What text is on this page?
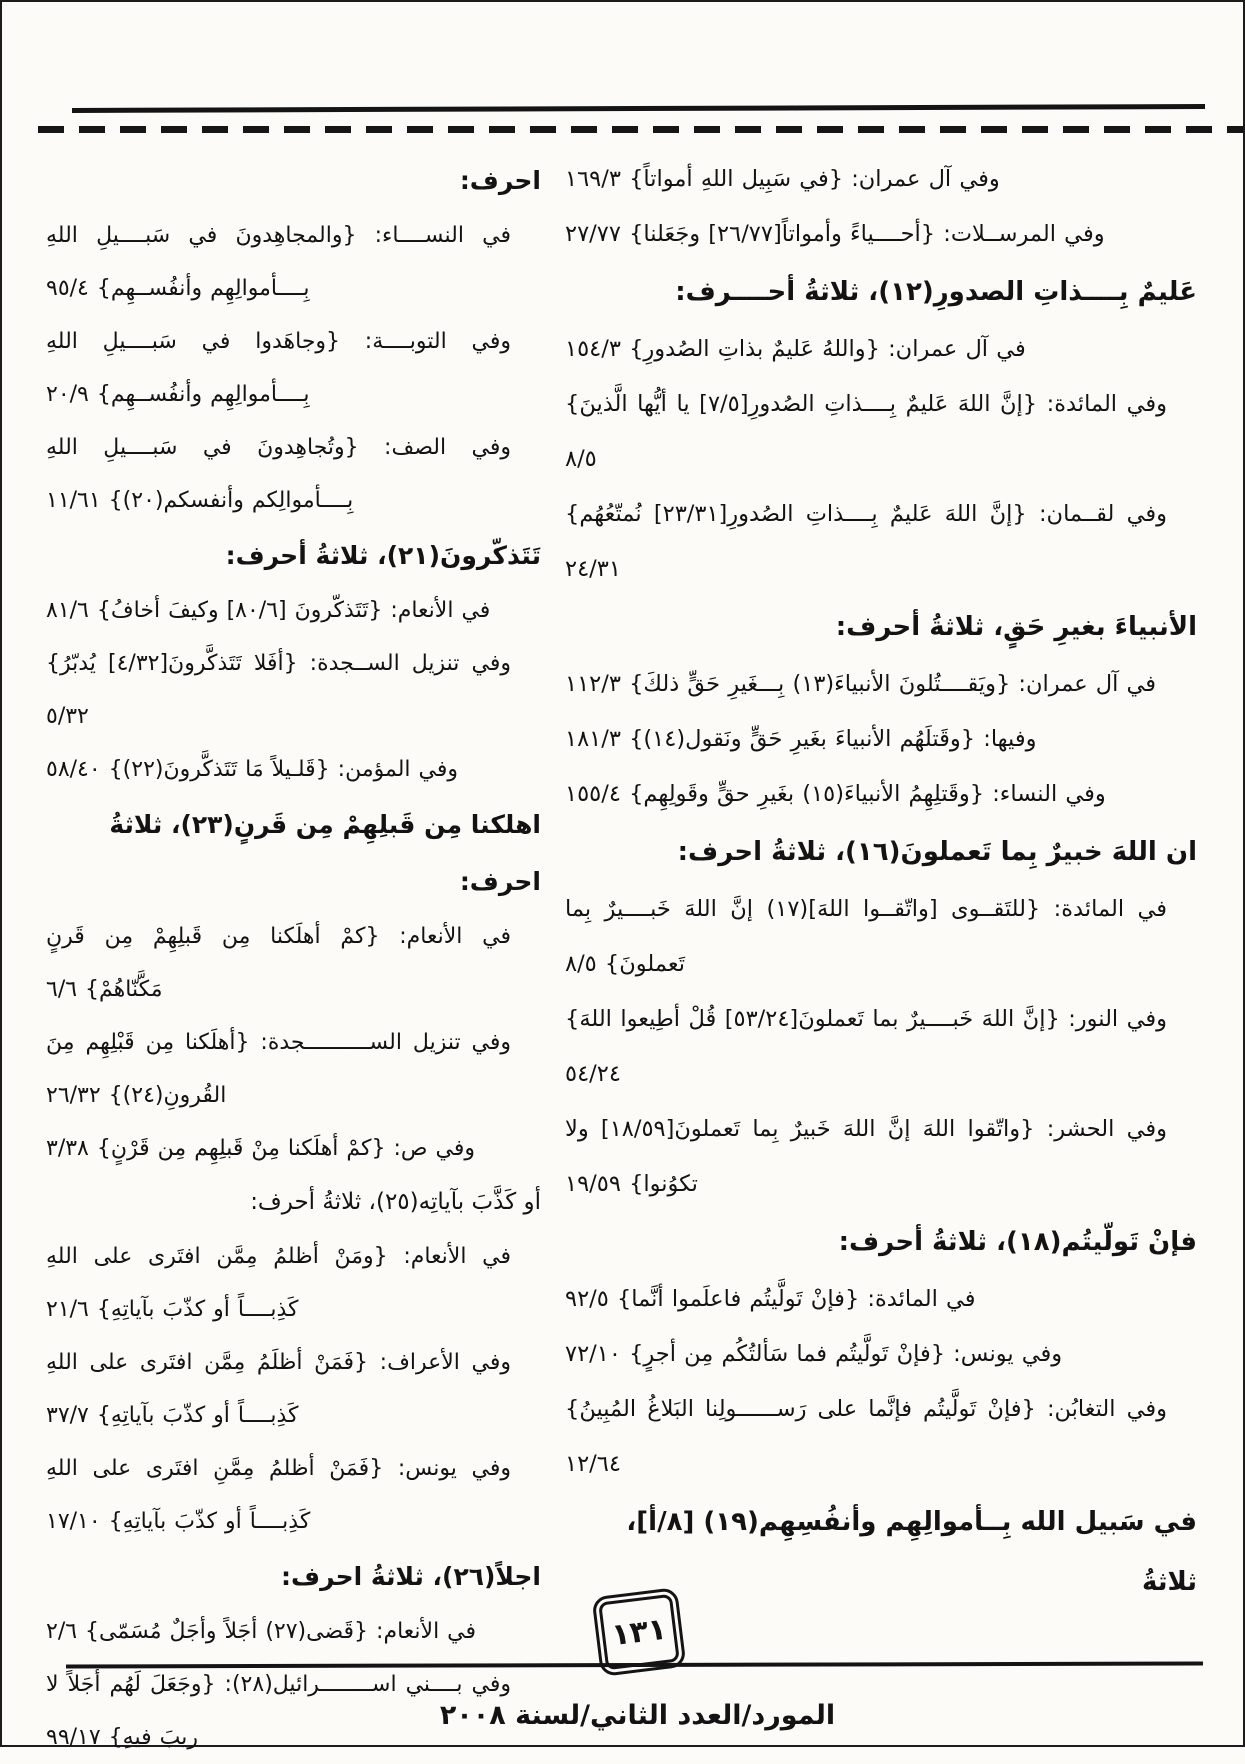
وفي آل عمران: {في سَبِيل اللهِ أمواتاً} ١٦٩/٣

وفي المرســلات: {أحــــياءً وأمواتاً[٢٦/٧٧] وجَعَلنا} ٢٧/٧٧

عَليمٌ بِــــذاتِ الصدورِ(١٢)، ثلاثةُ أحــــرف:

في آل عمران: {واللهُ عَليمٌ بذاتِ الصُدورِ} ١٥٤/٣

وفي المائدة: {إنَّ اللهَ عَليمٌ بِــــذاتِ الصُدورِ[٧/٥] يا أيُّها الَّذينَ} ٨/٥

وفي لقــمان: {إنَّ اللهَ عَليمٌ بِــــذاتِ الصُدورِ[٢٣/٣١] نُمتّعُهُم} ٢٤/٣١

الأنبياءَ بغيرِ حَقٍ، ثلاثةُ أحرف:

في آل عمران: {ويَقــــتُلونَ الأنبياءَ(١٣) بِـــغَيرِ حَقٍّ ذلكَ} ١١٢/٣

وفيها: {وقَتلَهُم الأنبياءَ بغَيرِ حَقٍّ ونَقول(١٤)} ١٨١/٣

وفي النساء: {وقَتلِهِمُ الأنبياءَ(١٥) بغَيرِ حقٍّ وقَولِهِم} ١٥٥/٤

ان اللهَ خبيرٌ بِما تَعملونَ(١٦)، ثلاثةُ احرف:

في المائدة: {للتَقــوى [واتّقــوا اللهَ](١٧) إنَّ اللهَ خَبــــيرٌ بِما تَعملونَ} ٨/٥

وفي النور: {إنَّ اللهَ خَبــــيرٌ بما تَعملونَ[٥٣/٢٤] قُلْ أطِيعوا اللهَ} ٥٤/٢٤

وفي الحشر: {واتّقوا اللهَ إنَّ اللهَ خَبيرٌ بِما تَعملونَ[١٨/٥٩] ولا تكوُنوا} ١٩/٥٩

فإنْ تَولّيتُم(١٨)، ثلاثةُ أحرف:

في المائدة: {فإنْ تَولَّيتُم فاعلَموا أنَّما} ٩٢/٥

وفي يونس: {فإنْ تَولَّيتُم فما سَألتُكُم مِن أجرٍ} ٧٢/١٠

وفي التغابُن: {فإنْ تَولَّيتُم فإنَّما على رَســــــولِنا البَلاغُ المُبِينُ} ١٢/٦٤

في سَبيل الله بِــأموالِهِم وأنفُسِهِم(١٩) [٨/أ]، ثلاثةُ

احرف:

في النســــاء: {والمجاهِدونَ في سَبــــيلِ اللهِ بِــــأموالِهِم وأنفُســهِم} ٩٥/٤

وفي التوبــــة: {وجاهَدوا في سَبــــيلِ اللهِ بِــــأموالِهِم وأنفُســهِم} ٢٠/٩

وفي الصف: {وتُجاهِدونَ في سَبــــيلِ اللهِ بِــــأموالِكم وأنفسكم(٢٠)} ١١/٦١

تَتَذكّرونَ(٢١)، ثلاثةُ أحرف:

في الأنعام: {تَتَذكّرونَ [٨٠/٦] وكيفَ أخافُ} ٨١/٦

وفي تنزيل الســجدة: {أفَلا تَتَذكَّرونَ[٤/٣٢] يُدبّرُ} ٥/٣٢

وفي المؤمن: {قَلـيلاً مَا تَتَذكَّرونَ(٢٢)} ٥٨/٤٠

اهلكنا مِن قَبلِهِمْ مِن قَرنٍ(٢٣)، ثلاثةُ احرف:

في الأنعام: {كمْ أهلَكنا مِن قَبلِهِمْ مِن قَرنٍ مَكَّنّاهُمْ} ٦/٦

وفي تنزيل الســــــــــجدة: {أهلَكنا مِن قَبْلِهِم مِنَ القُرونِ(٢٤)} ٢٦/٣٢

وفي ص: {كمْ أهلَكنا مِنْ قَبلِهِم مِن قَرْنٍ} ٣/٣٨

أو كَذَّبَ بآياتِه(٢٥)، ثلاثةُ أحرف:

في الأنعام: {ومَنْ أظلمُ مِمَّن افتَرى على اللهِ كَذِبــــاً أو كذّبَ بآياتِهِ} ٢١/٦

وفي الأعراف: {فَمَنْ أظلَمُ مِمَّن افتَرى على اللهِ كَذِبــــاً أو كذّبَ بآياتِهِ} ٣٧/٧

وفي يونس: {فَمَنْ أظلمُ مِمَّنِ افتَرى على اللهِ كَذِبــــاً أو كذّبَ بآياتِهِ} ١٧/١٠

اجلاً(٢٦)، ثلاثةُ احرف:

في الأنعام: {قَضى(٢٧) أجَلاً وأجَلٌ مُسَمّى} ٢/٦

وفي بــــني اســــــــرائيل(٢٨): {وجَعَلَ لَهُم أجَلاً لا ريبَ فيهِ} ٩٩/١٧

١٣١
المورد/العدد الثاني/لسنة ٢٠٠٨
